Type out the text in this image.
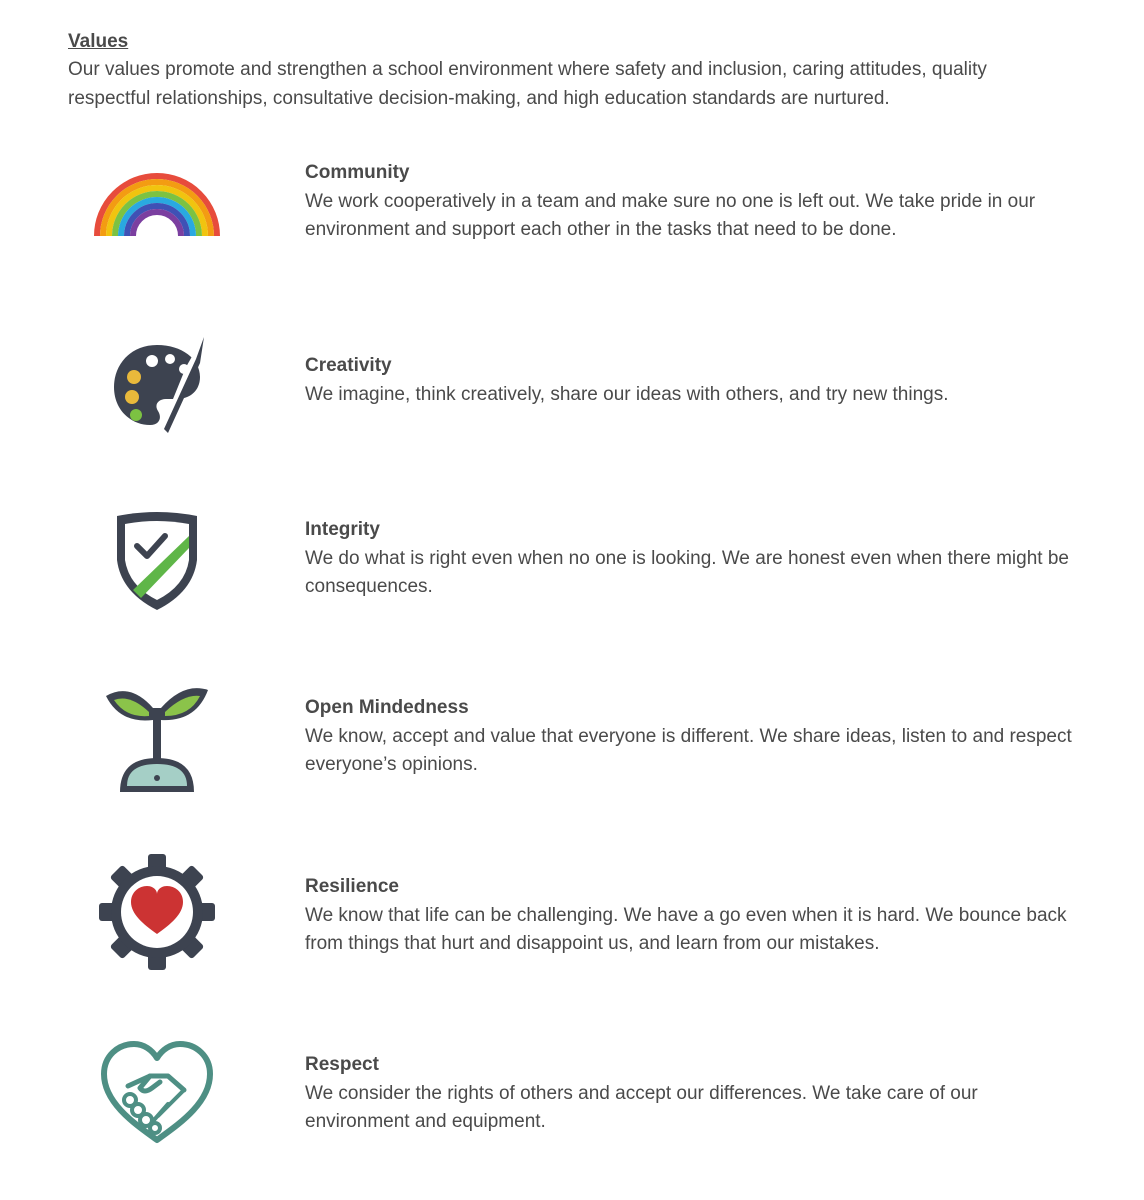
Values
Our values promote and strengthen a school environment where safety and inclusion, caring attitudes, quality respectful relationships, consultative decision-making, and high education standards are nurtured.
Community
We work cooperatively in a team and make sure no one is left out. We take pride in our environment and support each other in the tasks that need to be done.
Creativity
We imagine, think creatively, share our ideas with others, and try new things.
Integrity
We do what is right even when no one is looking. We are honest even when there might be consequences.
Open Mindedness
We know, accept and value that everyone is different. We share ideas, listen to and respect everyone’s opinions.
Resilience
We know that life can be challenging. We have a go even when it is hard. We bounce back from things that hurt and disappoint us, and learn from our mistakes.
Respect
We consider the rights of others and accept our differences. We take care of our environment and equipment.
